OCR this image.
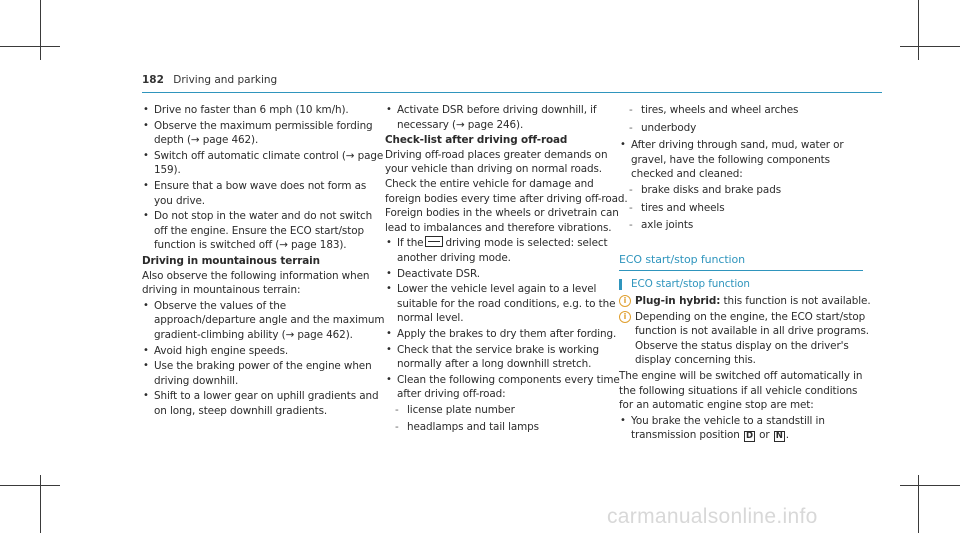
182 Driving and parking
• Drive no faster than 6 mph (10 km/h).
• Observe the maximum permissible fording depth (→ page 462).
• Switch off automatic climate control (→ page 159).
• Ensure that a bow wave does not form as you drive.
• Do not stop in the water and do not switch off the engine. Ensure the ECO start/stop function is switched off (→ page 183).
Driving in mountainous terrain
Also observe the following information when driving in mountainous terrain:
• Observe the values of the approach/departure angle and the maximum gradient-climbing ability (→ page 462).
• Avoid high engine speeds.
• Use the braking power of the engine when driving downhill.
• Shift to a lower gear on uphill gradients and on long, steep downhill gradients.
• Activate DSR before driving downhill, if necessary (→ page 246).
Check-list after driving off-road
Driving off-road places greater demands on your vehicle than driving on normal roads. Check the entire vehicle for damage and foreign bodies every time after driving off-road. Foreign bodies in the wheels or drivetrain can lead to imbalances and therefore vibrations.
• If the driving mode is selected: select another driving mode.
• Deactivate DSR.
• Lower the vehicle level again to a level suitable for the road conditions, e.g. to the normal level.
• Apply the brakes to dry them after fording.
• Check that the service brake is working normally after a long downhill stretch.
• Clean the following components every time after driving off-road:
- license plate number
- headlamps and tail lamps
- tires, wheels and wheel arches
- underbody
• After driving through sand, mud, water or gravel, have the following components checked and cleaned:
- brake disks and brake pads
- tires and wheels
- axle joints
ECO start/stop function
ECO start/stop function
i Plug-in hybrid: this function is not available.
i Depending on the engine, the ECO start/stop function is not available in all drive programs. Observe the status display on the driver's display concerning this.
The engine will be switched off automatically in the following situations if all vehicle conditions for an automatic engine stop are met:
• You brake the vehicle to a standstill in transmission position D or N .
carmanualsonline.info
